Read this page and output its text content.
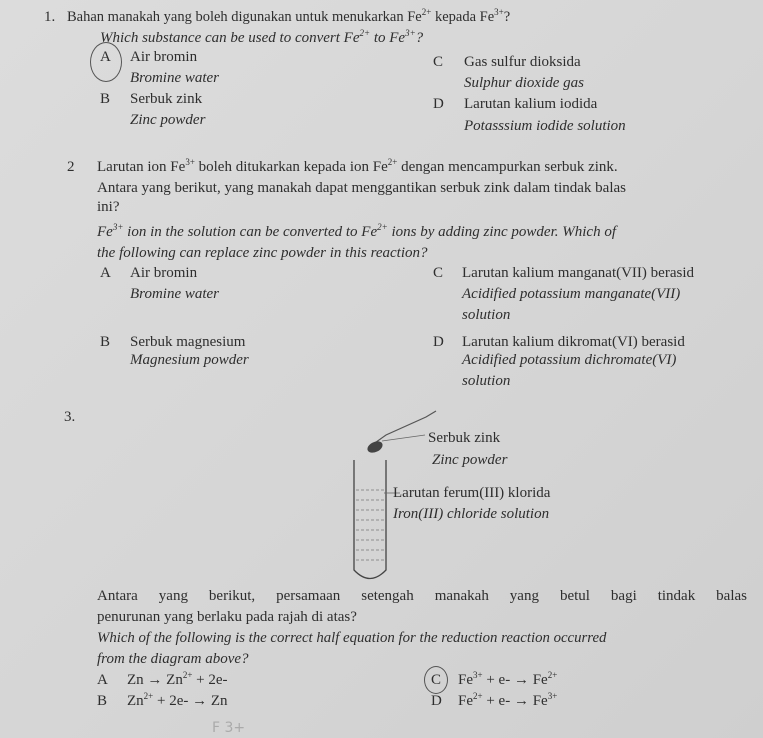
1. Bahan manakah yang boleh digunakan untuk menukarkan $Fe^{2+}$ kepada $Fe^{3+}$?
Which substance can be used to convert $Fe^{2+}$ to $Fe^{3+}$?
A Air bromin
Bromine water
B Serbuk zink
Zinc powder
C Gas sulfur dioksida
Sulphur dioxide gas
D Larutan kalium iodida
Potasssium iodide solution
2 Larutan ion $Fe^{3+}$ boleh ditukarkan kepada ion $Fe^{2+}$ dengan mencampurkan serbuk zink.
Antara yang berikut, yang manakah dapat menggantikan serbuk zink dalam tindak balas
ini?
$Fe^{3+}$ ion in the solution can be converted to $Fe^{2+}$ ions by adding zinc powder. Which of
the following can replace zinc powder in this reaction?
A Air bromin
Bromine water
B Serbuk magnesium
Magnesium powder
C Larutan kalium manganat(VII) berasid
Acidified potassium manganate(VII)
solution
D Larutan kalium dikromat(VI) berasid
Acidified potassium dichromate(VI)
solution
3.
Serbuk zink
Zinc powder
Larutan ferum(III) klorida
Iron(III) chloride solution
Antara yang berikut, persamaan setengah manakah yang betul bagi tindak balas
penurunan yang berlaku pada rajah di atas?
Which of the following is the correct half equation for the reduction reaction occurred
from the diagram above?
A $Zn \to Zn^{2+} + 2e-$
B $Zn^{2+} + 2e- \to Zn$
C $Fe^{3+} + e- \to Fe^{2+}$
D $Fe^{2+} + e- \to Fe^{3+}$
F 3+
